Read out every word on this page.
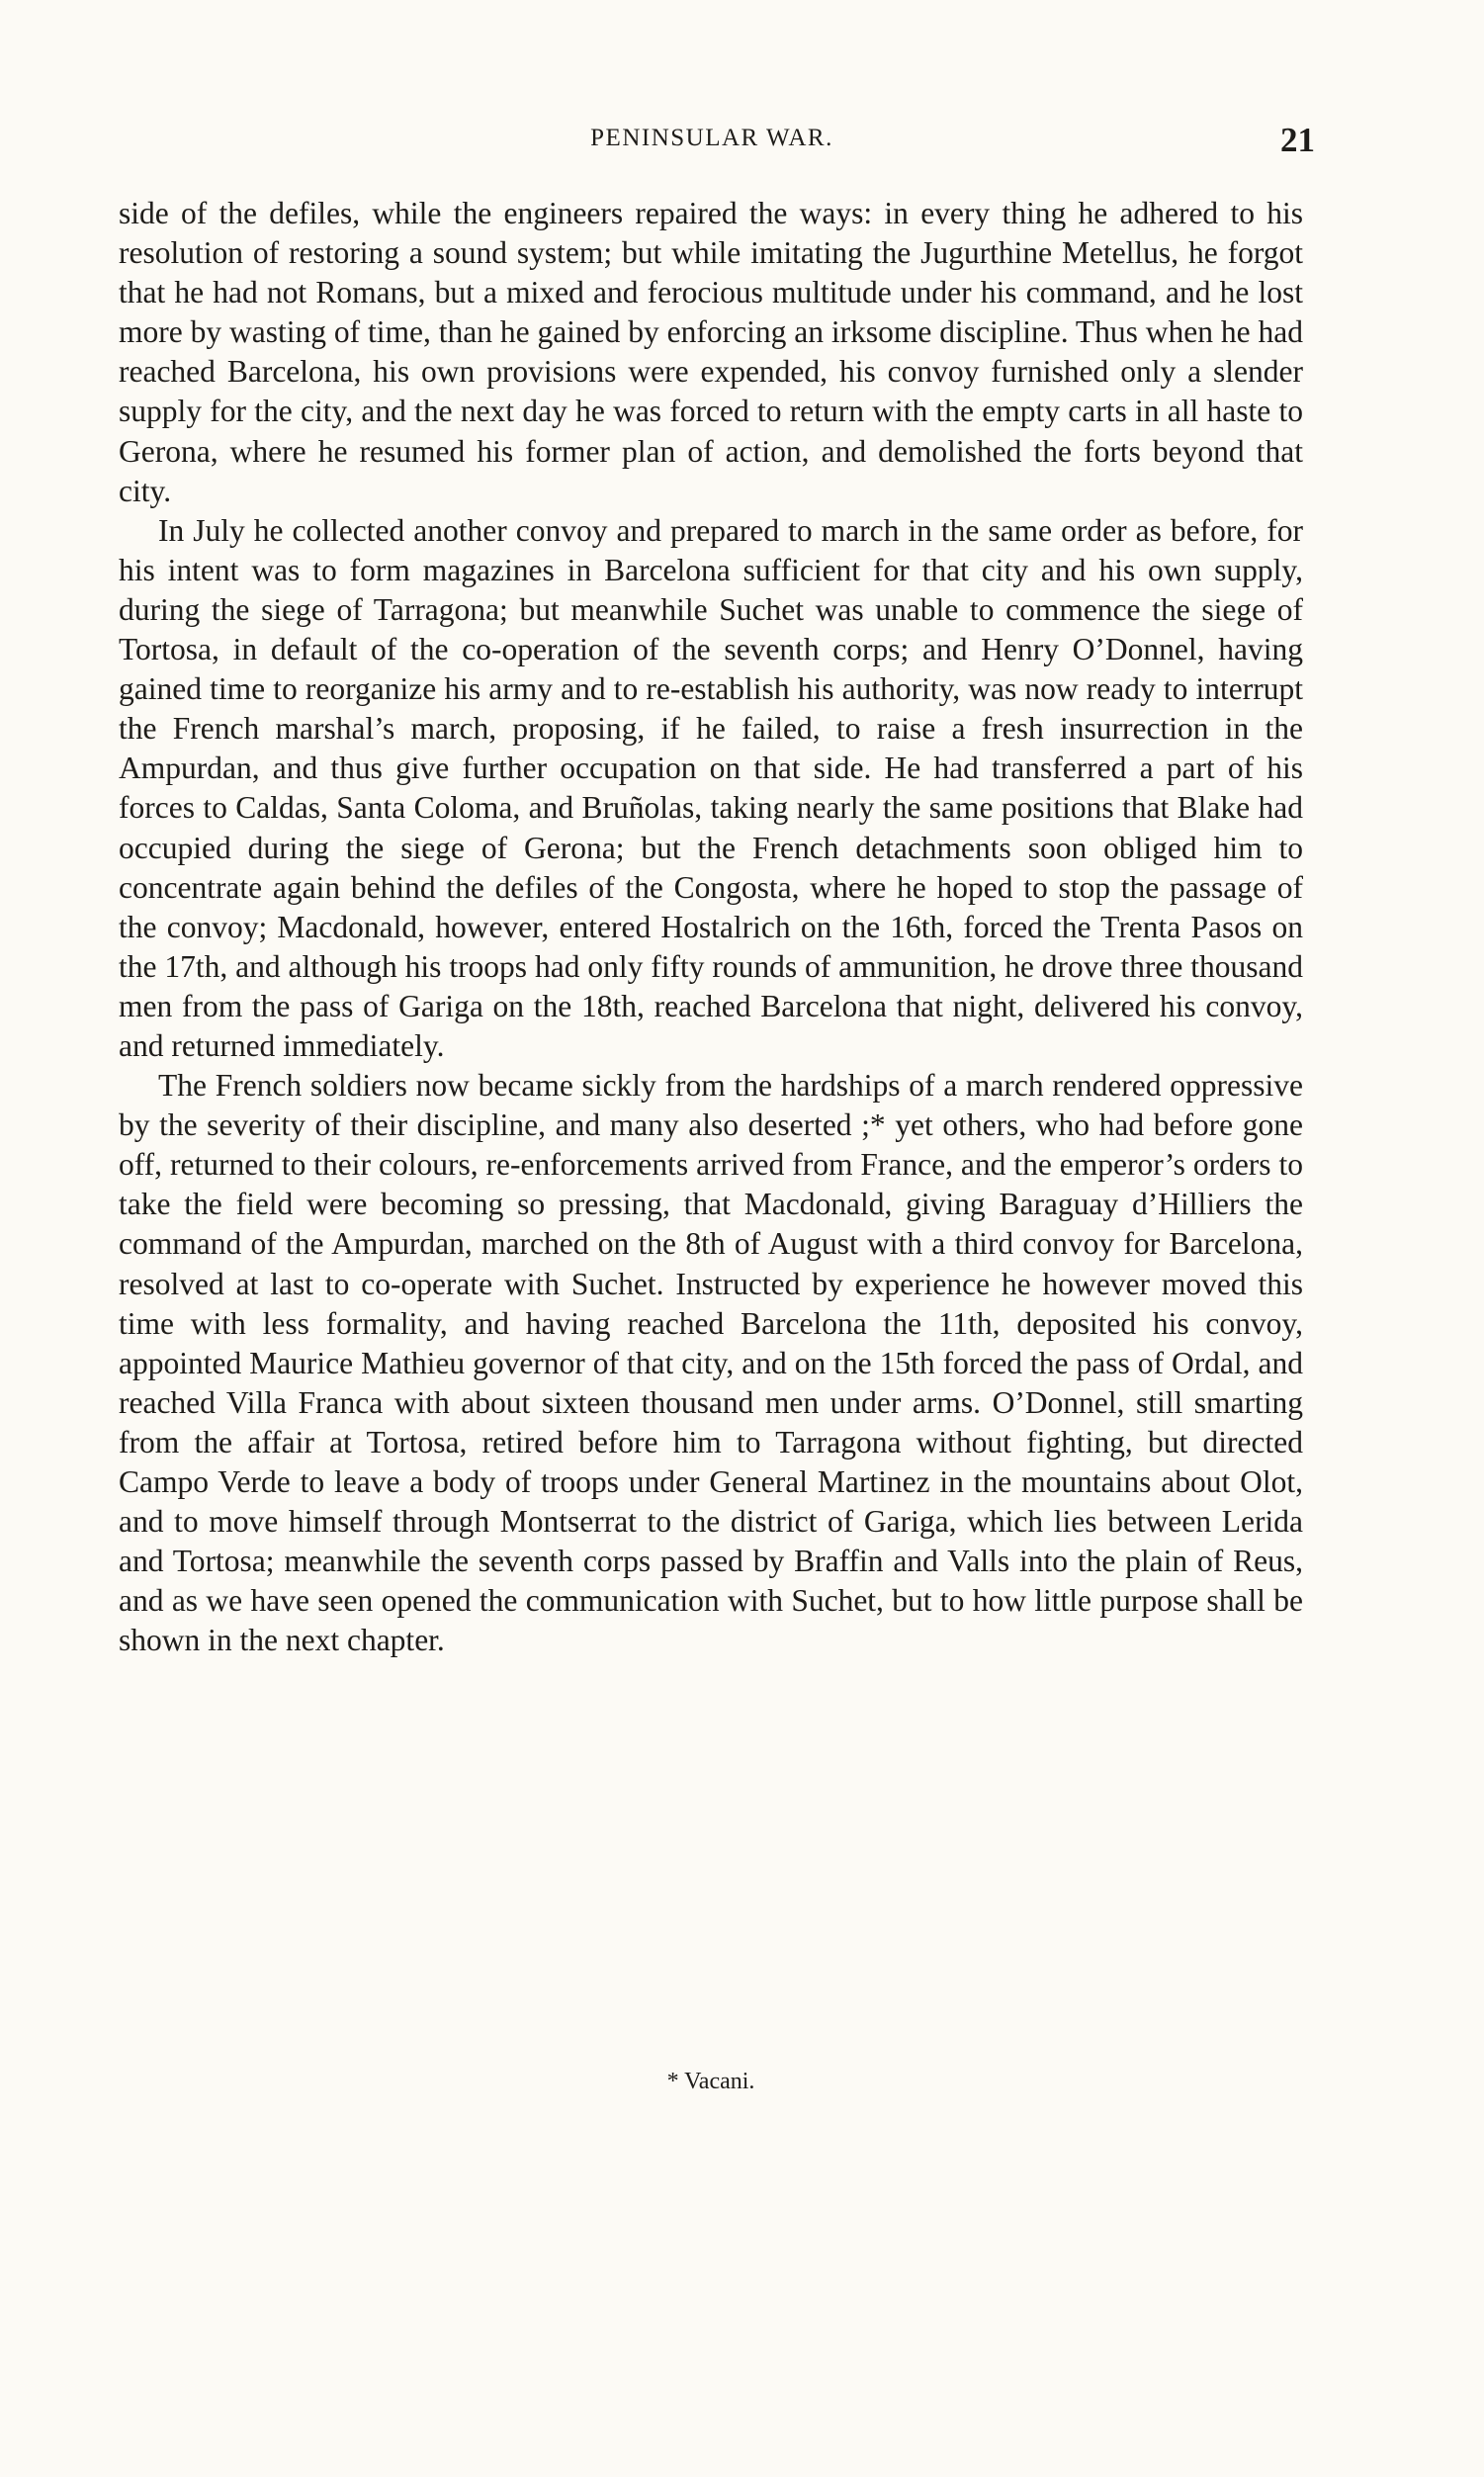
PENINSULAR WAR.	21

side of the defiles, while the engineers repaired the ways: in every thing he adhered to his resolution of restoring a sound system; but while imitating the Jugurthine Metellus, he forgot that he had not Romans, but a mixed and ferocious multitude under his command, and he lost more by wasting of time, than he gained by enforcing an irksome discipline. Thus when he had reached Barcelona, his own provisions were expended, his convoy furnished only a slender supply for the city, and the next day he was forced to return with the empty carts in all haste to Gerona, where he resumed his former plan of action, and demolished the forts beyond that city.

In July he collected another convoy and prepared to march in the same order as before, for his intent was to form magazines in Barcelona sufficient for that city and his own supply, during the siege of Tarragona; but meanwhile Suchet was unable to commence the siege of Tortosa, in default of the co-operation of the seventh corps; and Henry O’Donnel, having gained time to reorganize his army and to re-establish his authority, was now ready to interrupt the French marshal’s march, proposing, if he failed, to raise a fresh insurrection in the Ampurdan, and thus give further occupation on that side. He had transferred a part of his forces to Caldas, Santa Coloma, and Bruñolas, taking nearly the same positions that Blake had occupied during the siege of Gerona; but the French detachments soon obliged him to concentrate again behind the defiles of the Congosta, where he hoped to stop the passage of the convoy; Macdonald, however, entered Hostalrich on the 16th, forced the Trenta Pasos on the 17th, and although his troops had only fifty rounds of ammunition, he drove three thousand men from the pass of Gariga on the 18th, reached Barcelona that night, delivered his convoy, and returned immediately.

The French soldiers now became sickly from the hardships of a march rendered oppressive by the severity of their discipline, and many also deserted ;* yet others, who had before gone off, returned to their colours, re-enforcements arrived from France, and the emperor’s orders to take the field were becoming so pressing, that Macdonald, giving Baraguay d’Hilliers the command of the Ampurdan, marched on the 8th of August with a third convoy for Barcelona, resolved at last to co-operate with Suchet. Instructed by experience he however moved this time with less formality, and having reached Barcelona the 11th, deposited his convoy, appointed Maurice Mathieu governor of that city, and on the 15th forced the pass of Ordal, and reached Villa Franca with about sixteen thousand men under arms. O’Donnel, still smarting from the affair at Tortosa, retired before him to Tarragona without fighting, but directed Campo Verde to leave a body of troops under General Martinez in the mountains about Olot, and to move himself through Montserrat to the district of Gariga, which lies between Lerida and Tortosa; meanwhile the seventh corps passed by Braffin and Valls into the plain of Reus, and as we have seen opened the communication with Suchet, but to how little purpose shall be shown in the next chapter.

* Vacani.
